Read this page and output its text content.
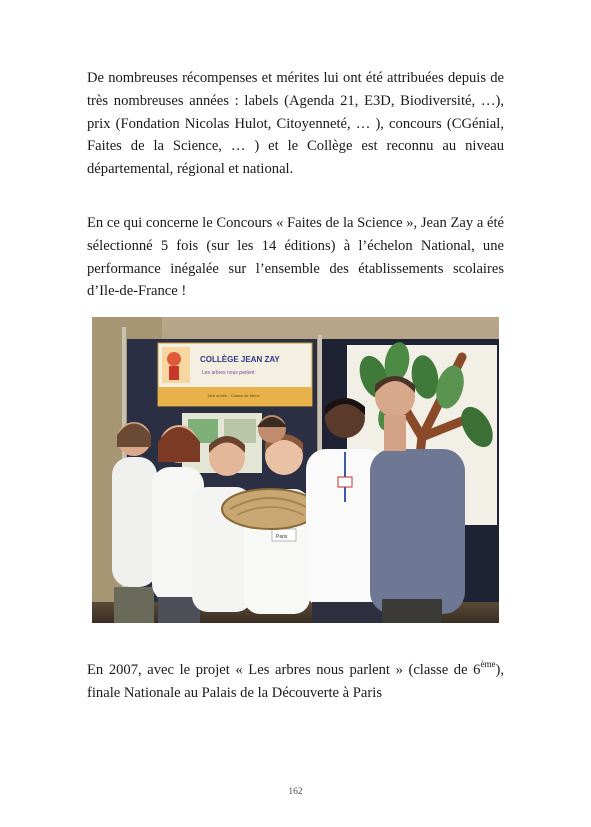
De nombreuses récompenses et mérites lui ont été attribuées depuis de très nombreuses années : labels (Agenda 21, E3D, Biodiversité, …), prix (Fondation Nicolas Hulot, Citoyenneté, … ), concours (CGénial, Faites de la Science, … ) et le Collège est reconnu au niveau départemental, régional et national.

En ce qui concerne le Concours « Faites de la Science », Jean Zay a été sélectionné 5 fois (sur les 14 éditions) à l’échelon National, une performance inégalée sur l’ensemble des établissements scolaires d’Ile-de-France !

COLLÈGE JEAN ZAY
Les arbres nous parlent
1ère année · Classe de 6ème
Paris

En 2007, avec le projet « Les arbres nous parlent » (classe de 6ème), finale Nationale au Palais de la Découverte à Paris

162
